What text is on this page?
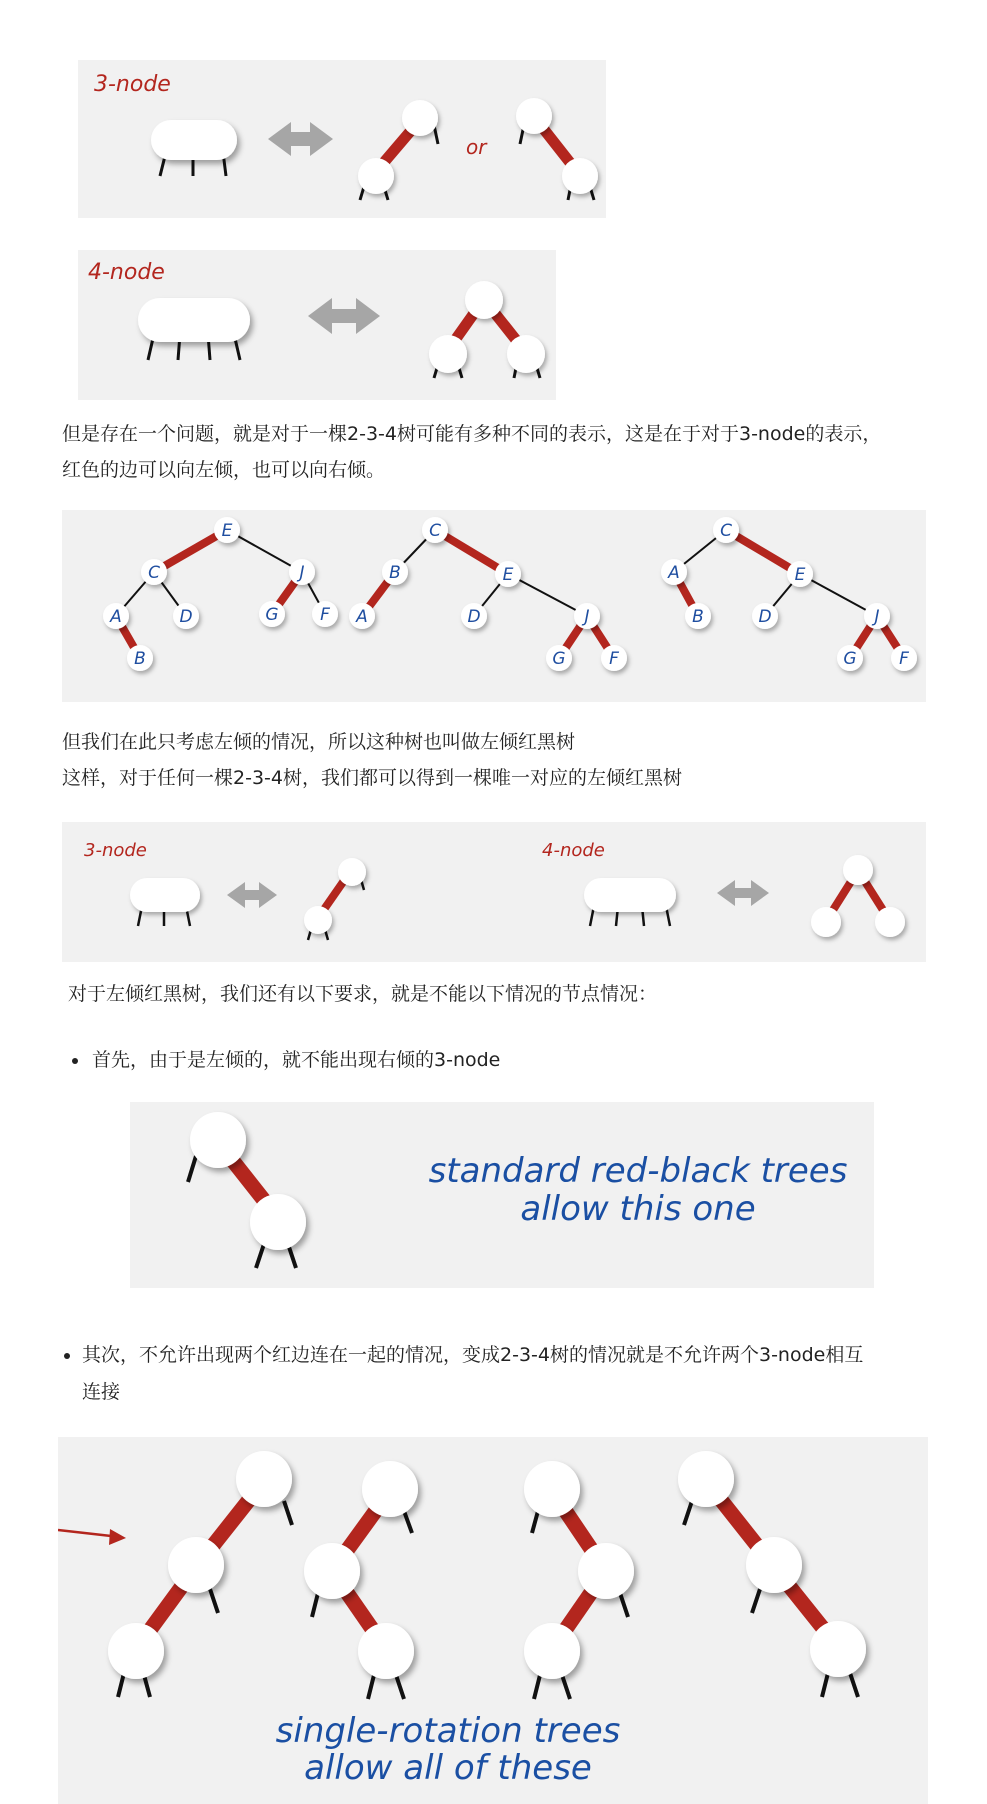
3-node
or
4-node
但是存在一个问题，就是对于一棵2-3-4树可能有多种不同的表示，这是在于对于3-node的表示，
红色的边可以向左倾，也可以向右倾。
E
C	J
A	D	G F
B
C
B	E
A	D	J
G	F
C
A	E
B	D	J
G	F
但我们在此只考虑左倾的情况，所以这种树也叫做左倾红黑树
这样，对于任何一棵2-3-4树，我们都可以得到一棵唯一对应的左倾红黑树
3-node	4-node
对于左倾红黑树，我们还有以下要求，就是不能以下情况的节点情况：
首先，由于是左倾的，就不能出现右倾的3-node
standard red-black trees
allow this one
其次，不允许出现两个红边连在一起的情况，变成2-3-4树的情况就是不允许两个3-node相互
连接
single-rotation trees
allow all of these
